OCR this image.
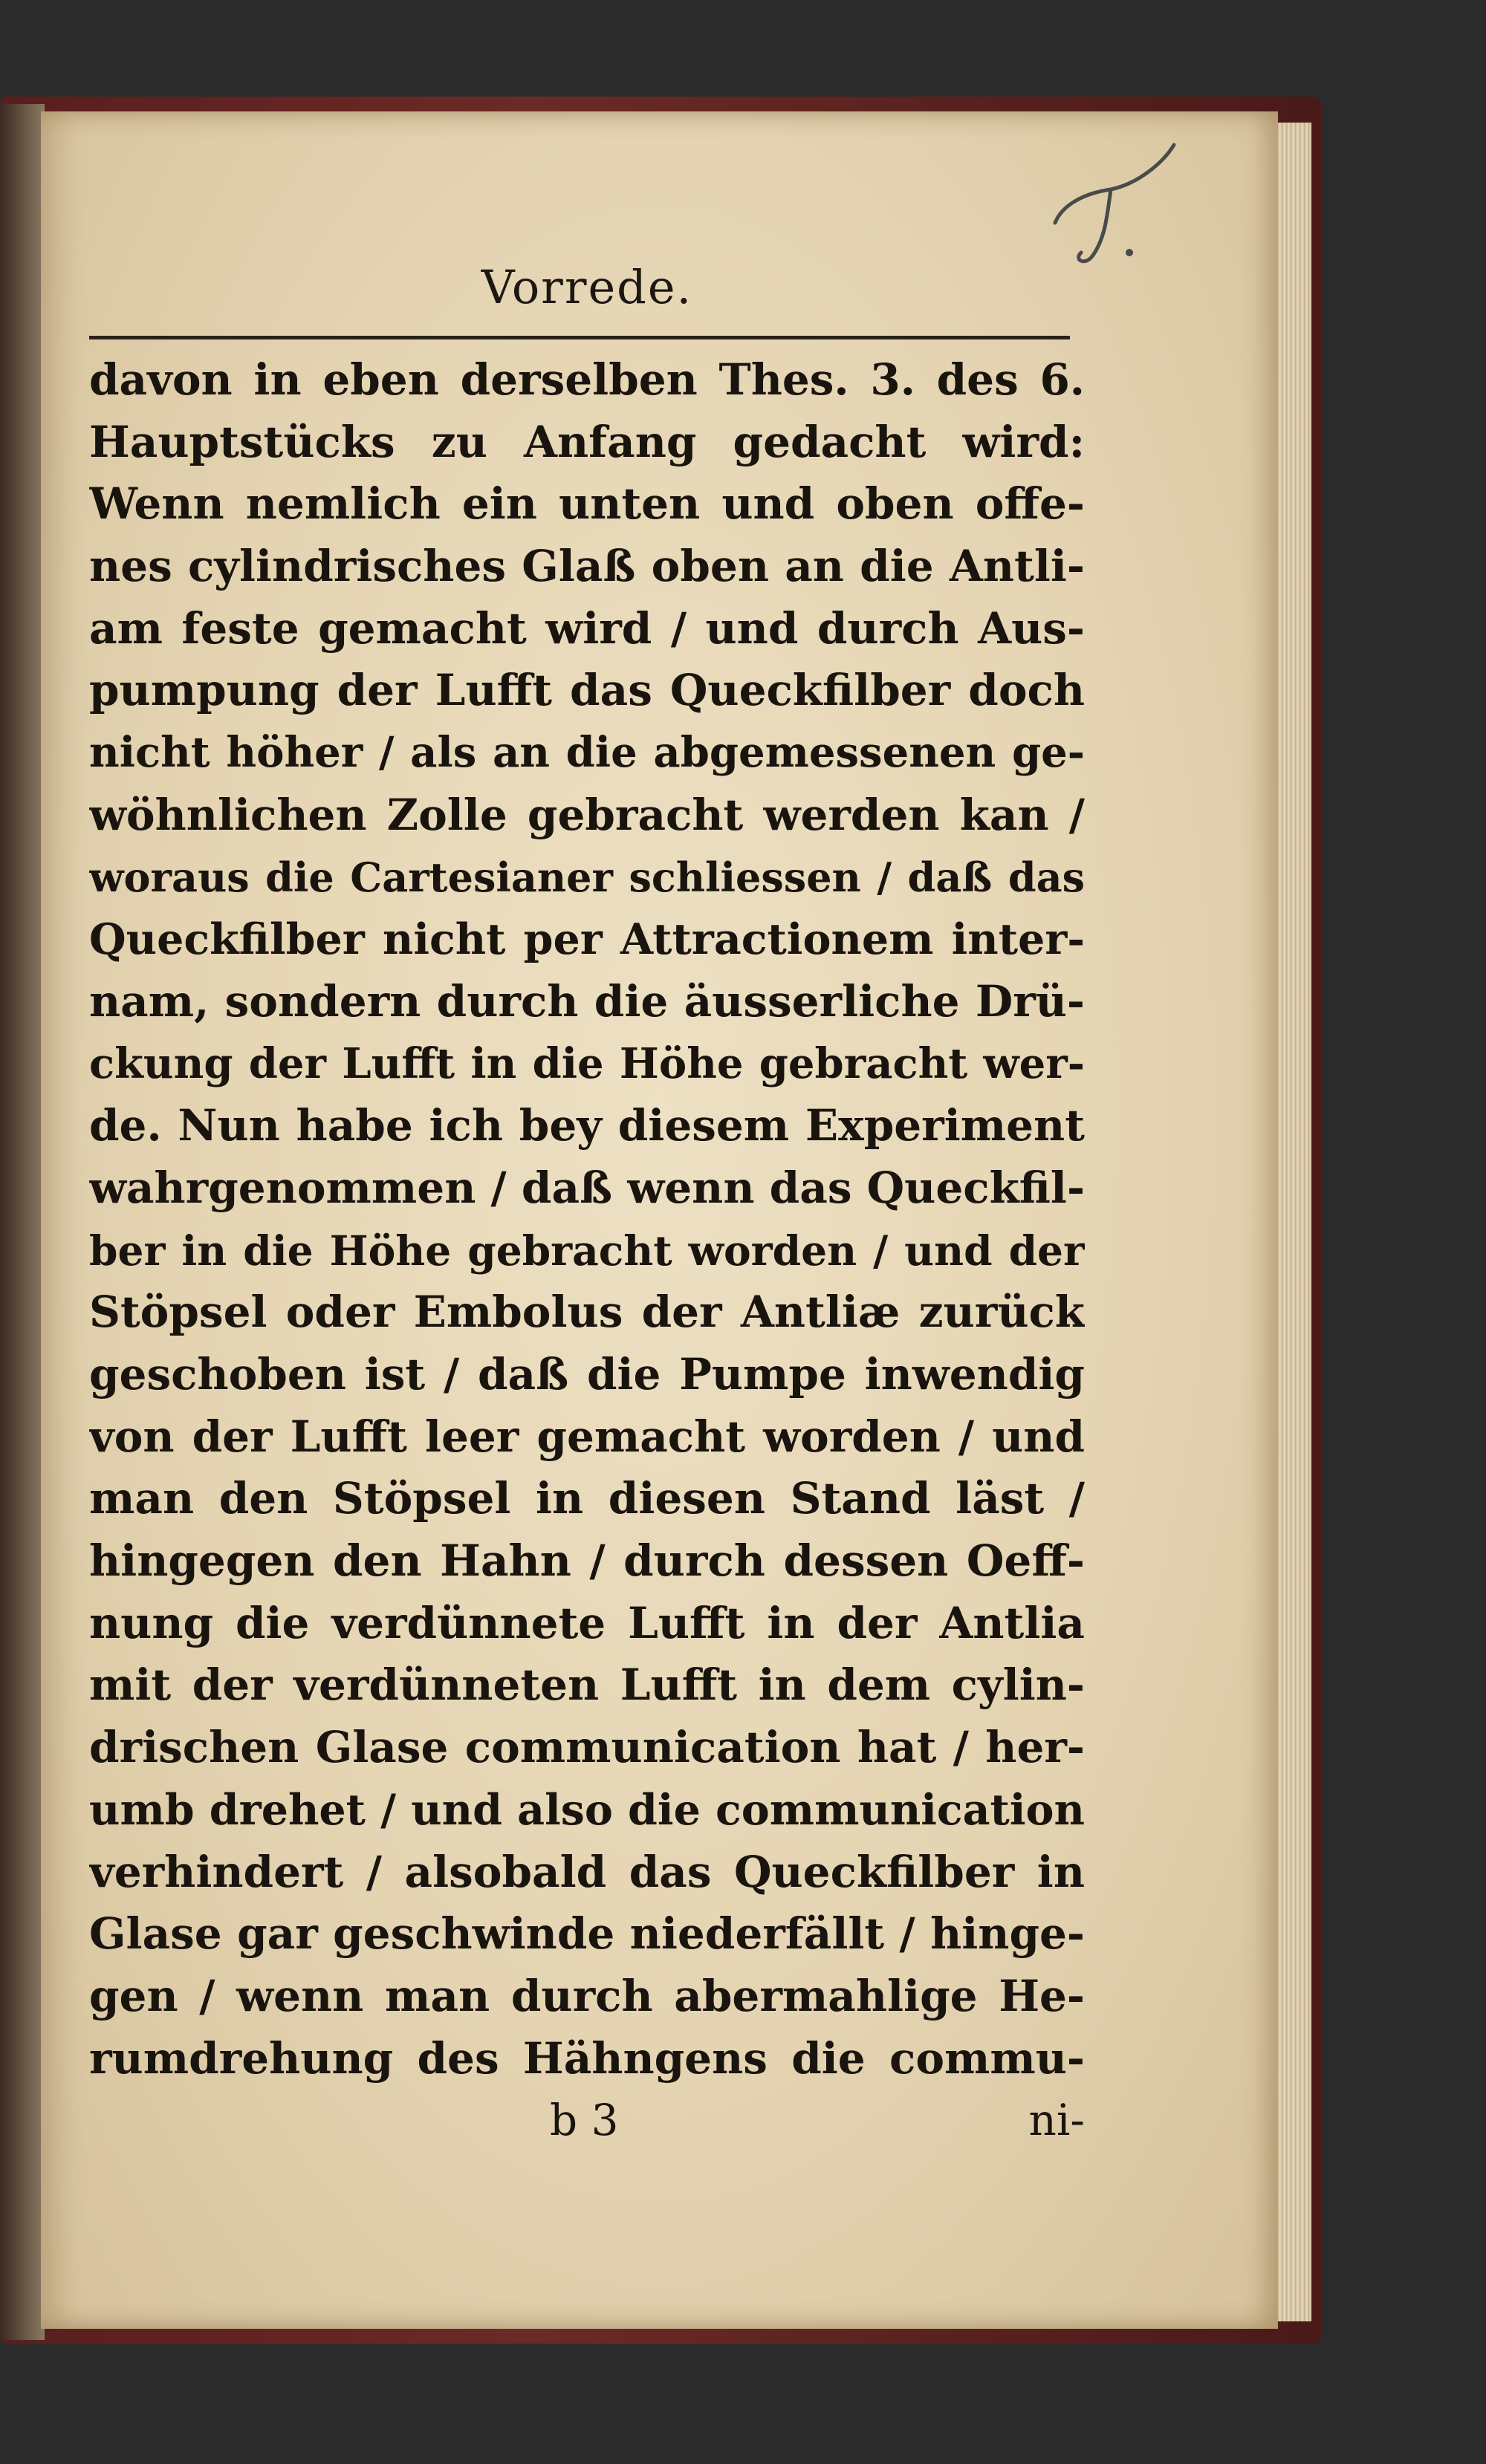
Vorrede.
davon in eben derselben Thes. 3. des 6.
Hauptstücks zu Anfang gedacht wird:
Wenn nemlich ein unten und oben offe-
nes cylindrisches Glaß oben an die Antli-
am feste gemacht wird / und durch Aus-
pumpung der Lufft das Queckfilber doch
nicht höher / als an die abgemessenen ge-
wöhnlichen Zolle gebracht werden kan /
woraus die Cartesianer schliessen / daß das
Queckfilber nicht per Attractionem inter-
nam, sondern durch die äusserliche Drü-
ckung der Lufft in die Höhe gebracht wer-
de. Nun habe ich bey diesem Experiment
wahrgenommen / daß wenn das Queckfil-
ber in die Höhe gebracht worden / und der
Stöpsel oder Embolus der Antliæ zurück
geschoben ist / daß die Pumpe inwendig
von der Lufft leer gemacht worden / und
man den Stöpsel in diesen Stand läst /
hingegen den Hahn / durch dessen Oeff-
nung die verdünnete Lufft in der Antlia
mit der verdünneten Lufft in dem cylin-
drischen Glase communication hat / her-
umb drehet / und also die communication
verhindert / alsobald das Queckfilber in
Glase gar geschwinde niederfällt / hinge-
gen / wenn man durch abermahlige He-
rumdrehung des Hähngens die commu-
b 3	ni-
